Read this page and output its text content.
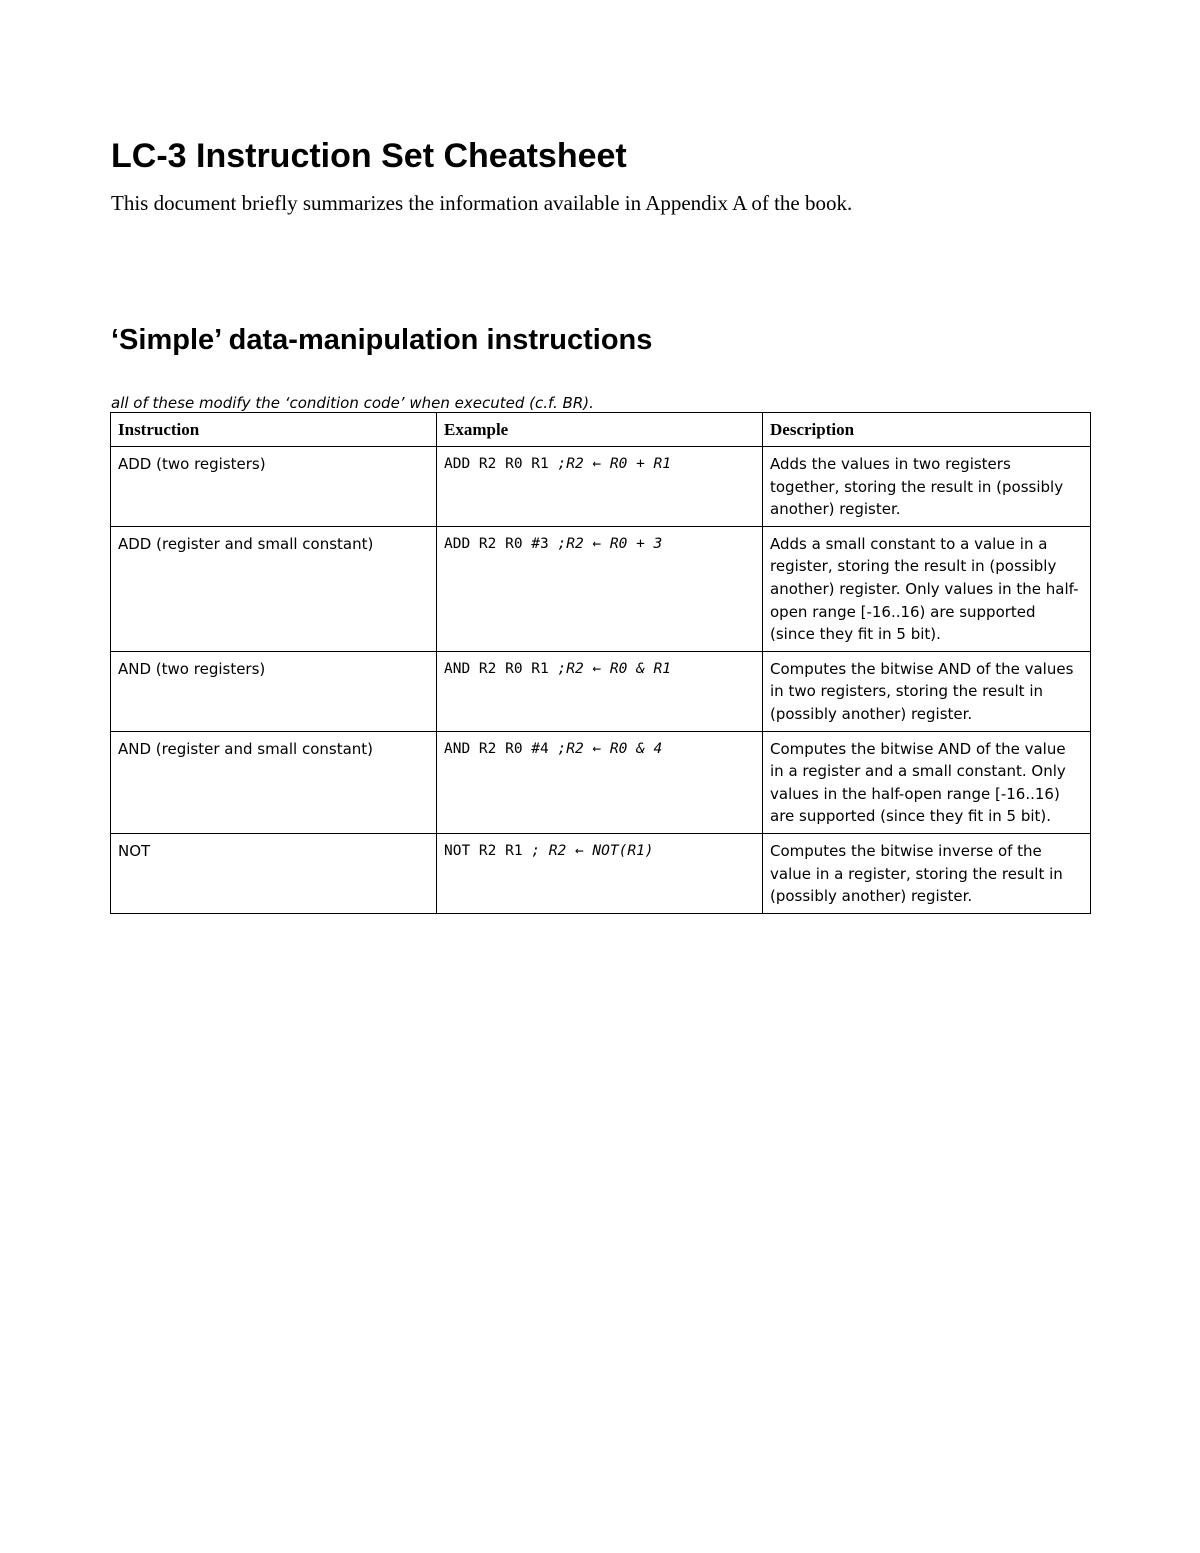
LC-3 Instruction Set Cheatsheet

This document briefly summarizes the information available in Appendix A of the book.

‘Simple’ data-manipulation instructions

all of these modify the ‘condition code’ when executed (c.f. BR).

Instruction	Example	Description
ADD (two registers)	ADD R2 R0 R1 ;R2 ← R0 + R1	Adds the values in two registers together, storing the result in (possibly another) register.
ADD (register and small constant)	ADD R2 R0 #3 ;R2 ← R0 + 3	Adds a small constant to a value in a register, storing the result in (possibly another) register. Only values in the half-open range [-16..16) are supported (since they fit in 5 bit).
AND (two registers)	AND R2 R0 R1 ;R2 ← R0 & R1	Computes the bitwise AND of the values in two registers, storing the result in (possibly another) register.
AND (register and small constant)	AND R2 R0 #4 ;R2 ← R0 & 4	Computes the bitwise AND of the value in a register and a small constant. Only values in the half-open range [-16..16) are supported (since they fit in 5 bit).
NOT	NOT R2 R1 ; R2 ← NOT(R1)	Computes the bitwise inverse of the value in a register, storing the result in (possibly another) register.
